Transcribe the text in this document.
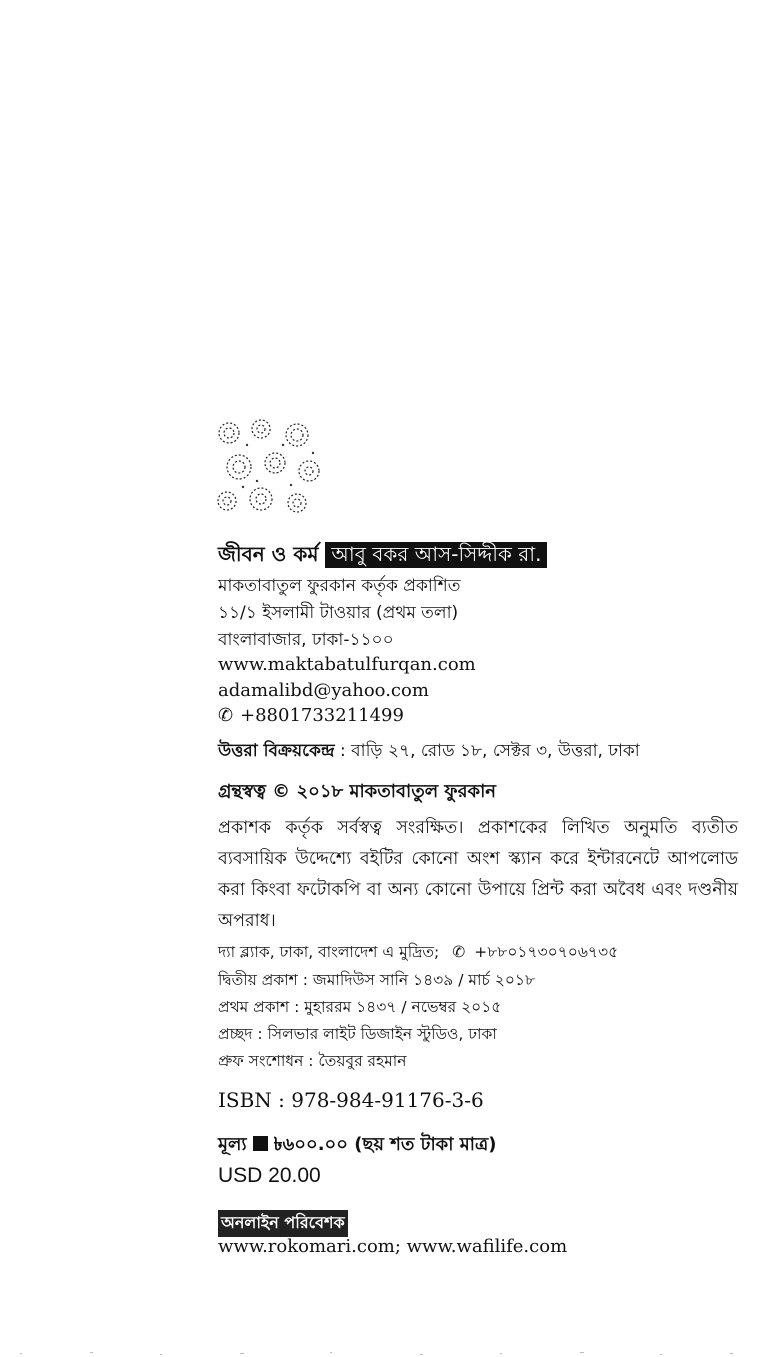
জীবন ও কর্ম আবু বকর আস-সিদ্দীক রা.
মাকতাবাতুল ফুরকান কর্তৃক প্রকাশিত
১১/১ ইসলামী টাওয়ার (প্রথম তলা)
বাংলাবাজার, ঢাকা-১১০০
www.maktabatulfurqan.com
adamalibd@yahoo.com
✆ +8801733211499
উত্তরা বিক্রয়কেন্দ্র : বাড়ি ২৭, রোড ১৮, সেক্টর ৩, উত্তরা, ঢাকা
গ্রন্থস্বত্ব © ২০১৮ মাকতাবাতুল ফুরকান
প্রকাশক কর্তৃক সর্বস্বত্ব সংরক্ষিত। প্রকাশকের লিখিত অনুমতি ব্যতীত ব্যবসায়িক উদ্দেশ্যে বইটির কোনো অংশ স্ক্যান করে ইন্টারনেটে আপলোড করা কিংবা ফটোকপি বা অন্য কোনো উপায়ে প্রিন্ট করা অবৈধ এবং দণ্ডনীয় অপরাধ।
দ্যা ব্ল্যাক, ঢাকা, বাংলাদেশ এ মুদ্রিত; ✆ +৮৮০১৭৩০৭০৬৭৩৫
দ্বিতীয় প্রকাশ : জমাদিউস সানি ১৪৩৯ / মার্চ ২০১৮
প্রথম প্রকাশ : মুহাররম ১৪৩৭ / নভেম্বর ২০১৫
প্রচ্ছদ : সিলভার লাইট ডিজাইন স্টুডিও, ঢাকা
প্রুফ সংশোধন : তৈয়বুর রহমান
ISBN : 978-984-91176-3-6
মূল্য ৳৬০০.০০ (ছয় শত টাকা মাত্র)
USD 20.00
অনলাইন পরিবেশক
www.rokomari.com; www.wafilife.com
